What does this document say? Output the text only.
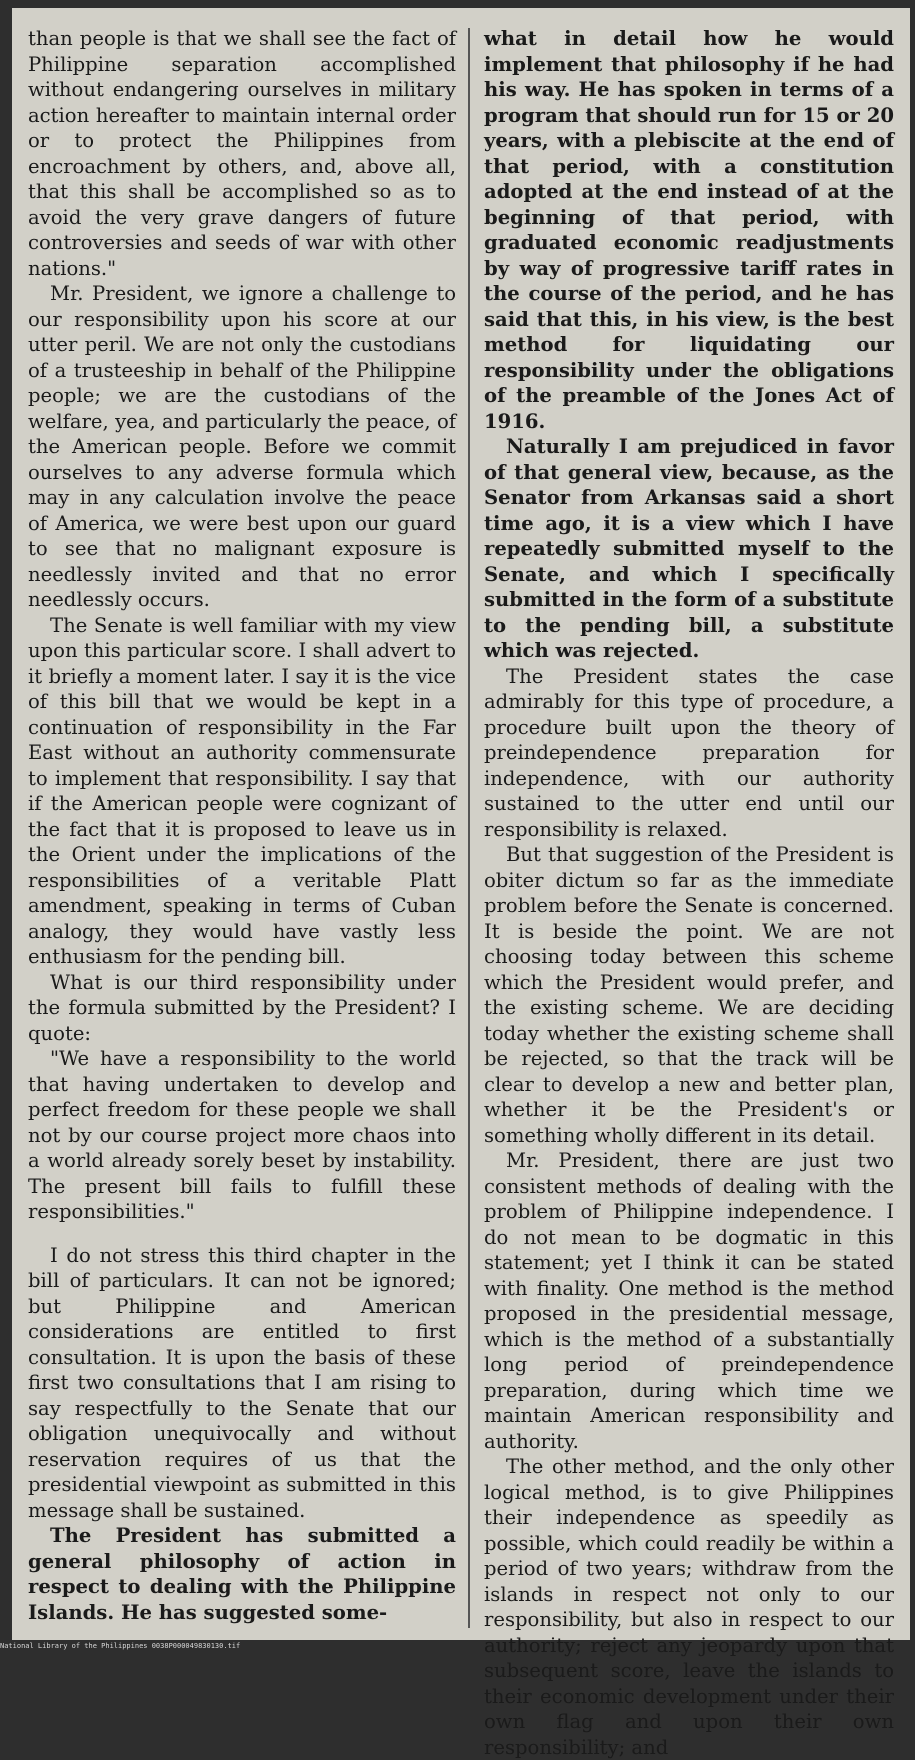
than people is that we shall see the fact of Philippine separation accomplished without endangering ourselves in military action hereafter to maintain internal order or to protect the Philippines from encroachment by others, and, above all, that this shall be accomplished so as to avoid the very grave dangers of future controversies and seeds of war with other nations."

Mr. President, we ignore a challenge to our responsibility upon his score at our utter peril. We are not only the custodians of a trusteeship in behalf of the Philippine people; we are the custodians of the welfare, yea, and particularly the peace, of the American people. Before we commit ourselves to any adverse formula which may in any calculation involve the peace of America, we were best upon our guard to see that no malignant exposure is needlessly invited and that no error needlessly occurs.

The Senate is well familiar with my view upon this particular score. I shall advert to it briefly a moment later. I say it is the vice of this bill that we would be kept in a continuation of responsibility in the Far East without an authority commensurate to implement that responsibility. I say that if the American people were cognizant of the fact that it is proposed to leave us in the Orient under the implications of the responsibilities of a veritable Platt amendment, speaking in terms of Cuban analogy, they would have vastly less enthusiasm for the pending bill.

What is our third responsibility under the formula submitted by the President? I quote:

"We have a responsibility to the world that having undertaken to develop and perfect freedom for these people we shall not by our course project more chaos into a world already sorely beset by instability. The present bill fails to fulfill these responsibilities."

I do not stress this third chapter in the bill of particulars. It can not be ignored; but Philippine and American considerations are entitled to first consultation. It is upon the basis of these first two consultations that I am rising to say respectfully to the Senate that our obligation unequivocally and without reservation requires of us that the presidential viewpoint as submitted in this message shall be sustained.

The President has submitted a general philosophy of action in respect to dealing with the Philippine Islands. He has suggested some-

what in detail how he would implement that philosophy if he had his way. He has spoken in terms of a program that should run for 15 or 20 years, with a plebiscite at the end of that period, with a constitution adopted at the end instead of at the beginning of that period, with graduated economic readjustments by way of progressive tariff rates in the course of the period, and he has said that this, in his view, is the best method for liquidating our responsibility under the obligations of the preamble of the Jones Act of 1916.

Naturally I am prejudiced in favor of that general view, because, as the Senator from Arkansas said a short time ago, it is a view which I have repeatedly submitted myself to the Senate, and which I specifically submitted in the form of a substitute to the pending bill, a substitute which was rejected.

The President states the case admirably for this type of procedure, a procedure built upon the theory of preindependence preparation for independence, with our authority sustained to the utter end until our responsibility is relaxed.

But that suggestion of the President is obiter dictum so far as the immediate problem before the Senate is concerned. It is beside the point. We are not choosing today between this scheme which the President would prefer, and the existing scheme. We are deciding today whether the existing scheme shall be rejected, so that the track will be clear to develop a new and better plan, whether it be the President's or something wholly different in its detail.

Mr. President, there are just two consistent methods of dealing with the problem of Philippine independence. I do not mean to be dogmatic in this statement; yet I think it can be stated with finality. One method is the method proposed in the presidential message, which is the method of a substantially long period of preindependence preparation, during which time we maintain American responsibility and authority.

The other method, and the only other logical method, is to give Philippines their independence as speedily as possible, which could readily be within a period of two years; withdraw from the islands in respect not only to our responsibility, but also in respect to our authority; reject any jeopardy upon that subsequent score, leave the islands to their economic development under their own flag and upon their own responsibility; and

National Library of the Philippines 0038P000049830130.tif
